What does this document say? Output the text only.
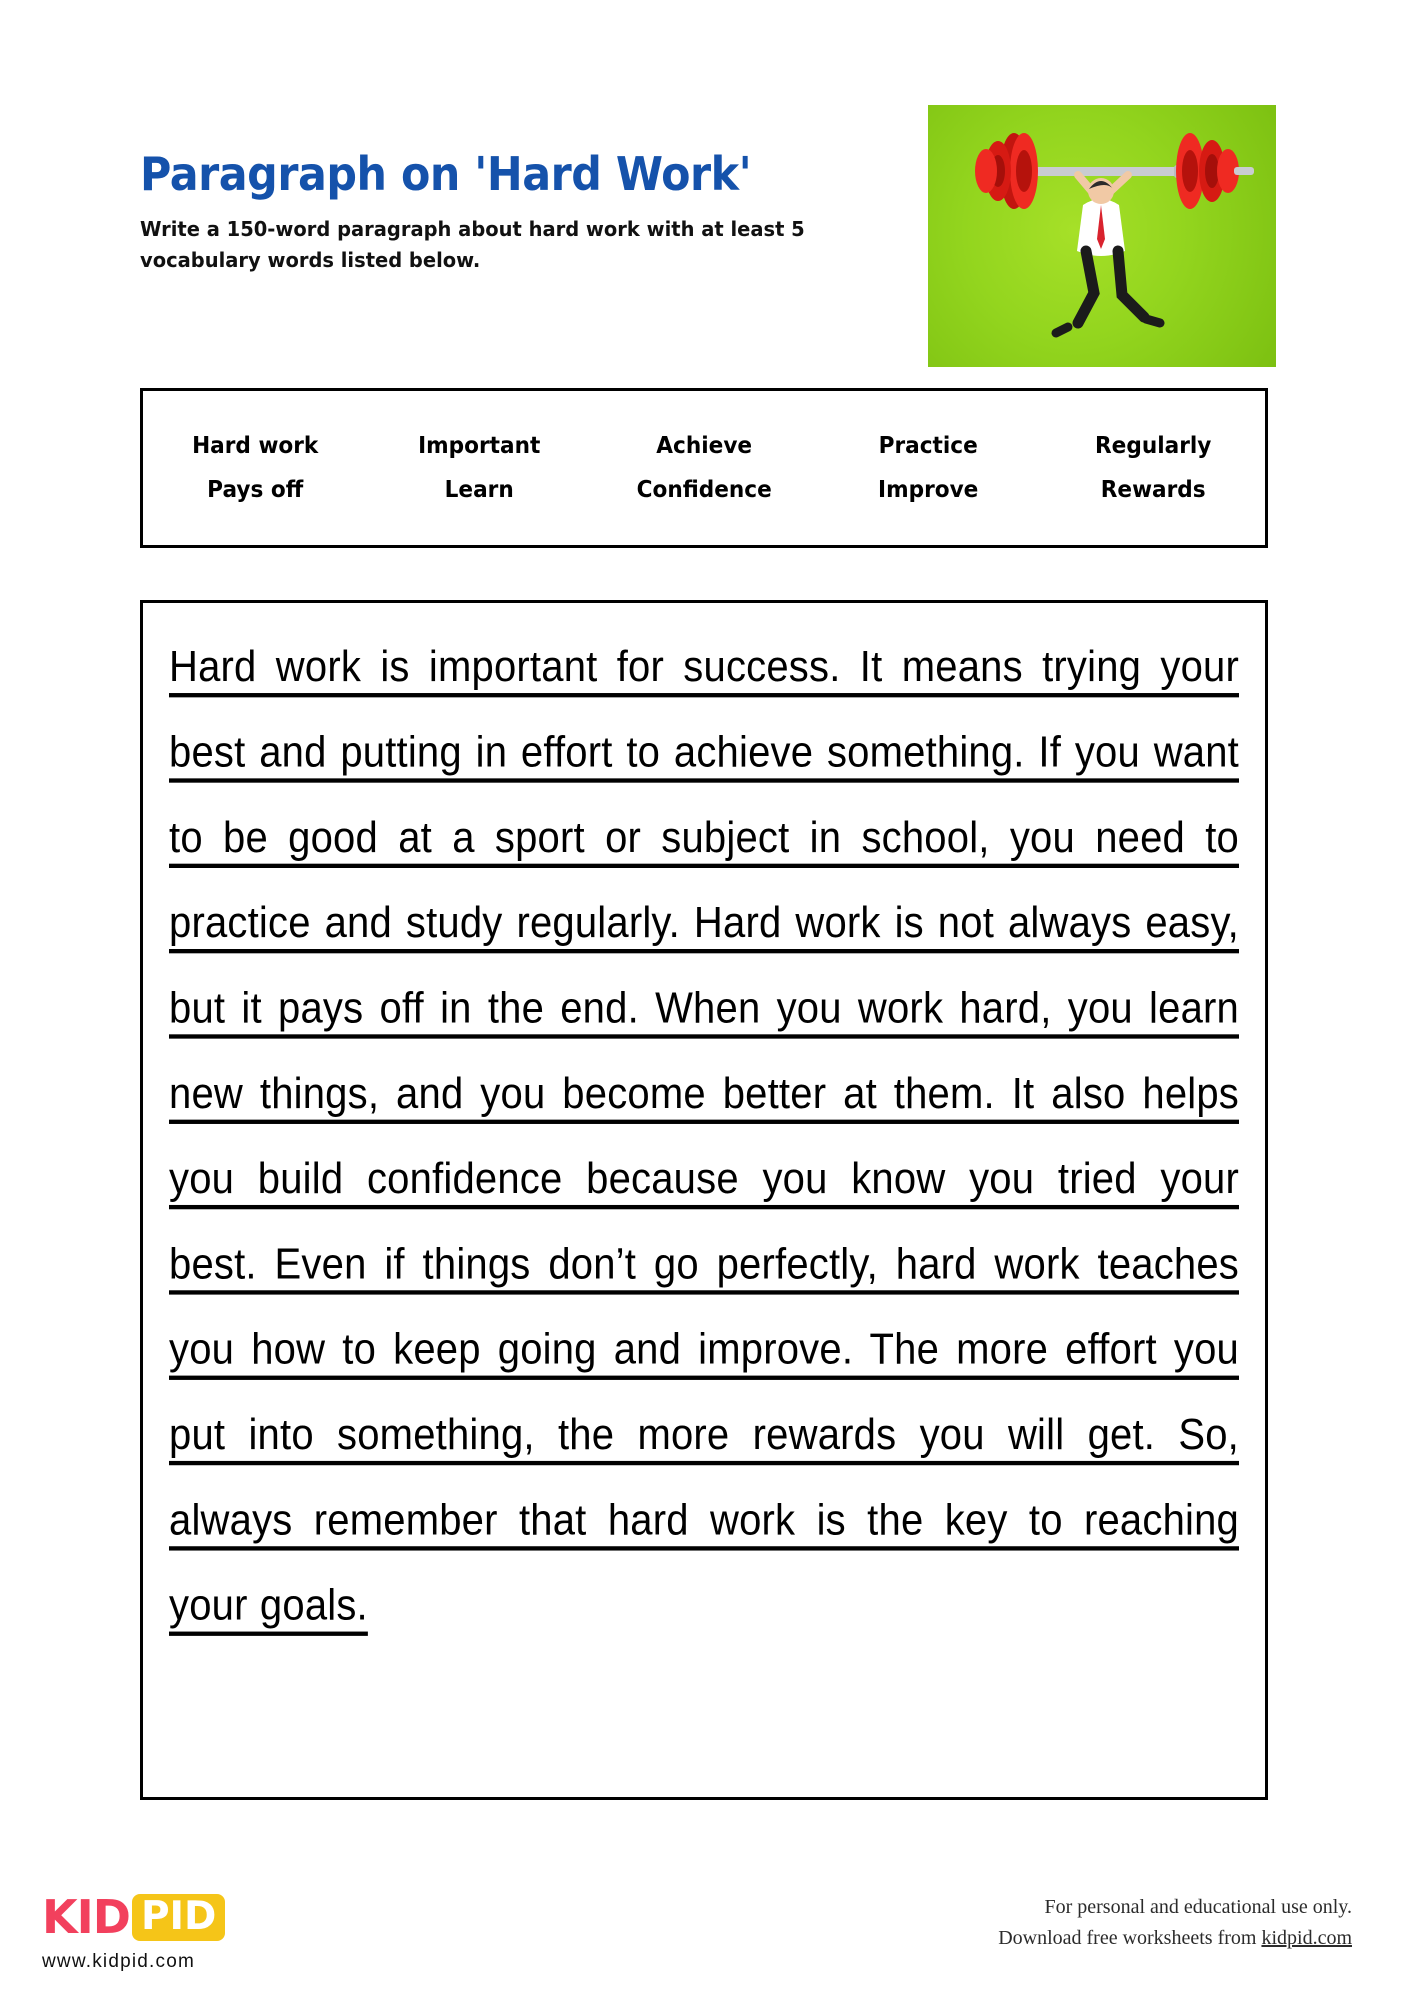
Paragraph on 'Hard Work'

Write a 150-word paragraph about hard work with at least 5 vocabulary words listed below.

Hard work	Important	Achieve	Practice	Regularly
Pays off	Learn	Confidence	Improve	Rewards
Hard work is important for success. It means trying your best and putting in effort to achieve something. If you want to be good at a sport or subject in school, you need to practice and study regularly. Hard work is not always easy, but it pays off in the end. When you work hard, you learn new things, and you become better at them. It also helps you build confidence because you know you tried your best. Even if things don’t go perfectly, hard work teaches you how to keep going and improve. The more effort you put into something, the more rewards you will get. So, always remember that hard work is the key to reaching your goals.
KID PID
www.kidpid.com
For personal and educational use only.
Download free worksheets from kidpid.com
